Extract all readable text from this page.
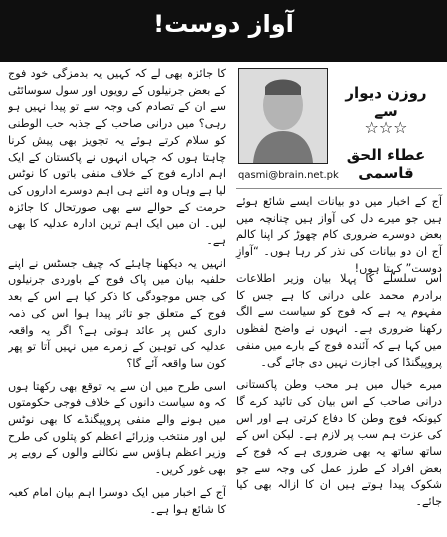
آواز دوست!

کا جائزہ بھی لے کہ کہیں یہ بدمزگی خود فوج کے بعض جرنیلوں کے رویوں اور سول سوسائٹی سے ان کے تصادم کی وجہ سے تو پیدا نہیں ہو رہی؟ میں درانی صاحب کے جذبہ حب الوطنی کو سلام کرتے ہوئے یہ تجویز بھی پیش کرنا چاہتا ہوں کہ جہاں انہوں نے پاکستان کے ایک اہم ادارے فوج کے خلاف منفی باتوں کا نوٹس لیا ہے وہاں وہ اتنے ہی اہم دوسرے اداروں کی حرمت کے حوالے سے بھی صورتحال کا جائزہ لیں۔ ان میں ایک اہم ترین ادارہ عدلیہ کا بھی ہے۔

انہیں یہ دیکھنا چاہئے کہ چیف جسٹس نے اپنے حلفیہ بیان میں پاک فوج کے باوردی جرنیلوں کی جس موجودگی کا ذکر کیا ہے اس کے بعد فوج کے متعلق جو تاثر پیدا ہوا اس کی ذمہ داری کس پر عائد ہوتی ہے؟ اگر یہ واقعہ عدلیہ کی توہین کے زمرے میں نہیں آتا تو پھر کون سا واقعہ آئے گا؟

اسی طرح میں ان سے یہ توقع بھی رکھتا ہوں کہ وہ سیاست دانوں کے خلاف فوجی حکومتوں میں ہونے والے منفی پروپیگنڈے کا بھی نوٹس لیں اور منتخب وزرائے اعظم کو پتلوں کی طرح وزیر اعظم ہاؤس سے نکالنے والوں کے رویے پر بھی غور کریں۔

آج کے اخبار میں ایک دوسرا اہم بیان امام کعبہ کا شائع ہوا ہے۔

qasmi@brain.net.pk
روزن دیوار سے
☆☆☆
عطاء الحق قاسمی
آج کے اخبار میں دو بیانات ایسے شائع ہوئے ہیں جو میرے دل کی آواز ہیں چنانچہ میں بعض دوسرے ضروری کام چھوڑ کر اپنا کالم آج ان دو بیانات کی نذر کر رہا ہوں۔ “آوازِ دوست” کہتا ہوں!

اس سلسلے کا پہلا بیان وزیر اطلاعات برادرم محمد علی درانی کا ہے جس کا مفہوم یہ ہے کہ فوج کو سیاست سے الگ رکھنا ضروری ہے۔ انہوں نے واضح لفظوں میں کہا ہے کہ آئندہ فوج کے بارے میں منفی پروپیگنڈا کی اجازت نہیں دی جائے گی۔

میرے خیال میں ہر محب وطن پاکستانی درانی صاحب کے اس بیان کی تائید کرے گا کیونکہ فوج وطن کا دفاع کرتی ہے اور اس کی عزت ہم سب پر لازم ہے۔ لیکن اس کے ساتھ ساتھ یہ بھی ضروری ہے کہ فوج کے بعض افراد کے طرز عمل کی وجہ سے جو شکوک پیدا ہوتے ہیں ان کا ازالہ بھی کیا جائے۔
